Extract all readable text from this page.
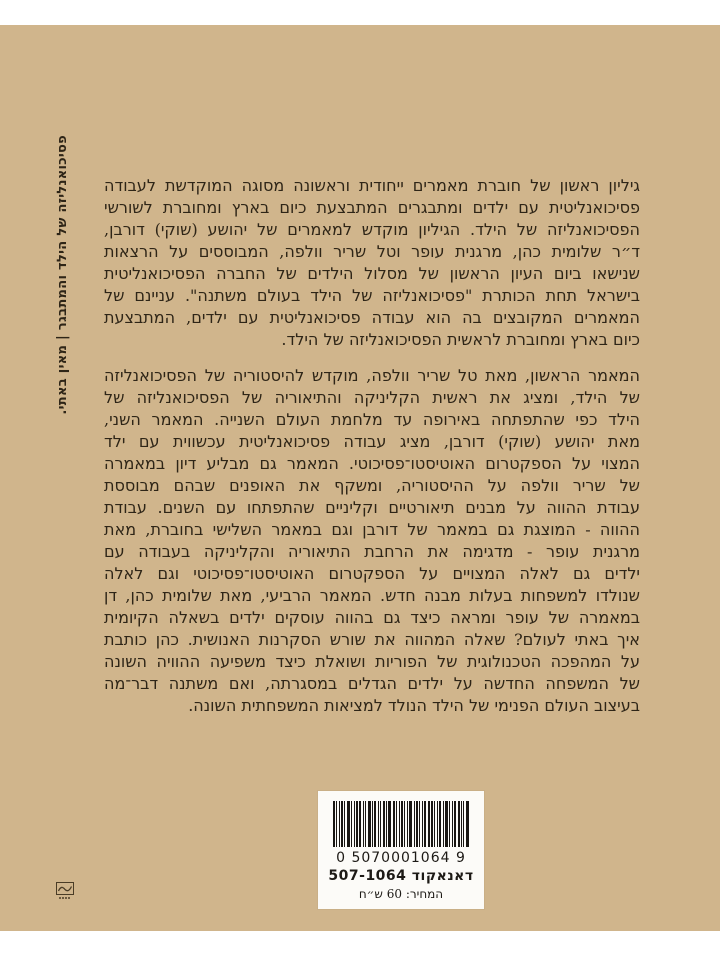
פסיכואנליזה של הילד והמתבגר | מאין באתי.	גיליון ראשון של חוברת מאמרים ייחודית וראשונה מסוגה המוקדשת לעבודה
פסיכואנליטית עם ילדים ומתבגרים המתבצעת כיום בארץ ומחוברת לשורשי
הפסיכואנליזה של הילד. הגיליון מוקדש למאמרים של יהושע (שוקי) דורבן,
ד״ר שלומית כהן, מרגנית עופר וטל שריר וולפה, המבוססים על הרצאות
שנישאו ביום העיון הראשון של מסלול הילדים של החברה הפסיכואנליטית
בישראל תחת הכותרת "פסיכואנליזה של הילד בעולם משתנה". עניינם של
המאמרים המקובצים בה הוא עבודה פסיכואנליטית עם ילדים, המתבצעת
כיום בארץ ומחוברת לראשית הפסיכואנליזה של הילד.
המאמר הראשון, מאת טל שריר וולפה, מוקדש להיסטוריה של הפסיכואנליזה
של הילד, ומציג את ראשית הקליניקה והתיאוריה של הפסיכואנליזה של
הילד כפי שהתפתחה באירופה עד מלחמת העולם השנייה. המאמר השני,
מאת יהושע (שוקי) דורבן, מציג עבודה פסיכואנליטית עכשווית עם ילד
המצוי על הספקטרום האוטיסטו־פסיכוטי. המאמר גם מבליע דיון במאמרה
של שריר וולפה על ההיסטוריה, ומשקף את האופנים שבהם מבוססת
עבודת ההווה על מבנים תיאורטיים וקליניים שהתפתחו עם השנים. עבודת
ההווה - המוצגת גם במאמר של דורבן וגם במאמר השלישי בחוברת, מאת
מרגנית עופר - מדגימה את הרחבת התיאוריה והקליניקה בעבודה עם
ילדים גם לאלה המצויים על הספקטרום האוטיסטו־פסיכוטי וגם לאלה
שנולדו למשפחות בעלות מבנה חדש. המאמר הרביעי, מאת שלומית כהן, דן
במאמרה של עופר ומראה כיצד גם בהווה עוסקים ילדים בשאלה הקיומית
איך באתי לעולם? שאלה המהווה את שורש הסקרנות האנושית. כהן כותבת
על המהפכה הטכנולוגית של הפוריות ושואלת כיצד משפיעה ההוויה השונה
של המשפחה החדשה על ילדים הגדלים במסגרתה, ואם משתנה דבר־מה
בעיצוב העולם הפנימי של הילד הנולד למציאות המשפחתית השונה.
0 5070001064 9
דאנאקוד 507-1064
המחיר: 60 ש״ח
